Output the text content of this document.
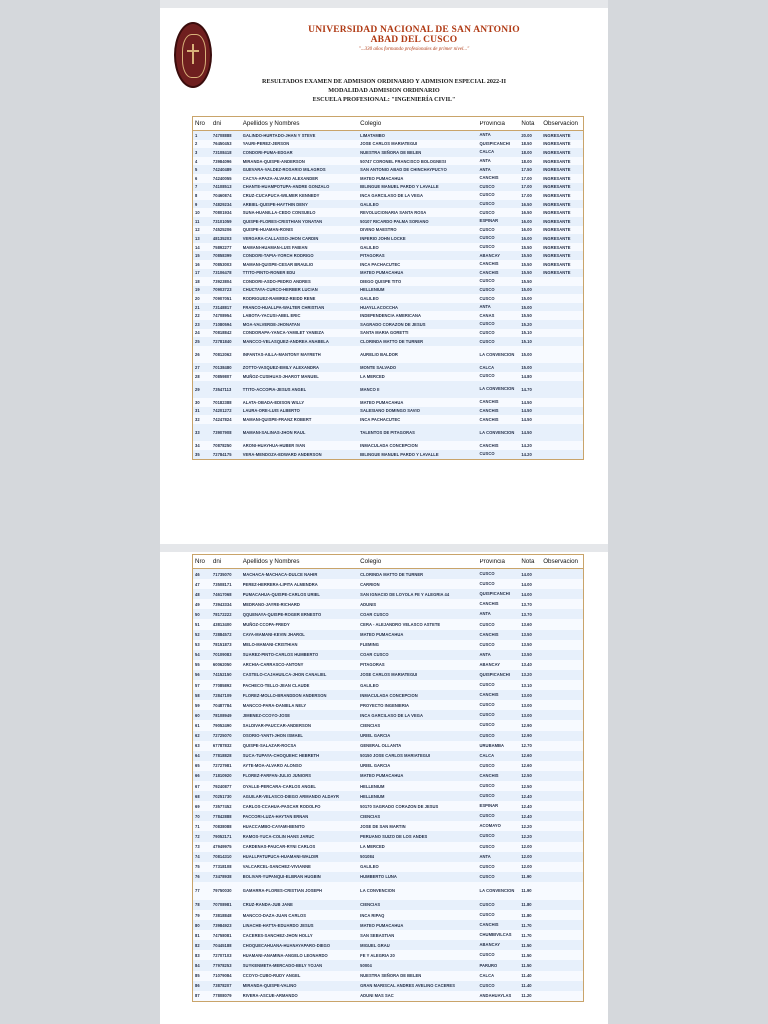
UNIVERSIDAD NACIONAL DE SAN ANTONIO
ABAD DEL CUSCO
"...330 años formando profesionales de primer nivel..."
RESULTADOS EXAMEN DE ADMISION ORDINARIO Y ADMISION ESPECIAL 2022-II
MODALIDAD ADMISION ORDINARIO
ESCUELA PROFESIONAL: "INGENIERÍA CIVIL"
Nro	dni	Apellidos y Nombres	Colegio	Provincia	Nota	Observacion
1	74708888	GALINDO-HURTADO-JHAN Y STEVE	LIMATAMBO	ANTA	20.00	INGRESANTE
2	76450453	YAURI-PEREZ-JERSON	JOSE CARLOS MARIATEGUI	QUISPICANCHI	18.50	INGRESANTE
3	73108418	CONDORI-PUMA-EDGAR	NUESTRA SEÑORA DE BELEN	CALCA	18.00	INGRESANTE
4	73984096	MIRANDA-QUISPE-ANDERSON	50747 CORONEL FRANCISCO BOLOGNESI	ANTA	18.00	INGRESANTE
5	74240489	GUEVARA-VALDEZ-ROSARIO MILAGROS	SAN ANTONIO ABAD DE CHINCHAYPUCYO	ANTA	17.50	INGRESANTE
6	74240055	CACYA-APAZA-ALVARO ALEXANDER	MATEO PUMACAHUA	CANCHIS	17.00	INGRESANTE
7	74108513	CHANTE-HUAMPOTUPA-ANDRE GONZALO	BILINGUE MANUEL PARDO Y LAVALLE	CUSCO	17.00	INGRESANTE
8	70460874	CRUZ-CUCAPUCA-WILMER KENNEDY	INCA GARCILASO DE LA VEGA	CUSCO	17.00	INGRESANTE
9	74829234	ARBIEL-QUISPE-HAYTHIN DENY	GALILEO	CUSCO	16.50	INGRESANTE
10	70801934	SUNA-HUANILLA-CEDO CONSUELO	REVOLUCIONARIA SANTA ROSA	CUSCO	16.50	INGRESANTE
11	73101059	QUISPE-FLORES-CRISTHIAN YONATAN	50107 RICARDO PALMA SORIANO	ESPINAR	16.00	INGRESANTE
12	74525206	QUISPE-HUAMAN-RONIS	DIVINO MAESTRO	CUSCO	16.00	INGRESANTE
13	48135203	VERGARA-CALLASSO-JHON CARDIN	INFERIO JOHN LOCKE	CUSCO	16.00	INGRESANTE
14	75892277	MAMANI-HUAMAN-LUIS FABIAN	GALILEO	CUSCO	15.50	INGRESANTE
15	70858399	CONDORI-TAPIA-YORCH RODRIGO	PITAGORAS	ABANCAY	15.50	INGRESANTE
16	70853003	MAMANI-QUISPE-CESAR BRAULIO	INCA PACHACUTEC	CANCHIS	15.50	INGRESANTE
17	73106478	TTITO-PINTO-RONER EDU	MATEO PUMACAHUA	CANCHIS	15.50	INGRESANTE
18	73923804	CONDORI-ASDO-PEDRO ANDRES	DIEGO QUISPE TITO	CUSCO	15.50
19	70903723	CHUCTAYA-CURCO-HERBER LUCIAN	HELLENIUM	CUSCO	15.00
20	70907051	RODRIGUEZ-RAMIREZ-REIDD RENE	GALILEO	CUSCO	15.00
21	73148817	FRANCO-HUALLPA-WALTER CHRISTIAN	HUAYLLACOCCHA	ANTA	15.00
22	74708954	LABOTA-YACUSI-ABEL ERIC	INDEPENDENCIA AMERICANA	CANAS	15.50
23	71080594	MOA-VALVERDE-JHONATAN	SAGRADO CORAZON DE JESUS	CUSCO	15.20
24	70818842	CONDORAPA-YANCA-YAMILET YANEIZA	SANTA MARIA GORETTI	CUSCO	15.10
25	72781840	MANCCO-VELASQUEZ-ANDREA ANABELA	CLORINDA MATTO DE TURNER	CUSCO	15.10
26	70812062	INFANTAS-AILLA-MANTONY MAYRETH	AURELIO BALDOR	LA CONVENCION	15.00
27	70138480	ZOTTO-VASQUEZ-EMILY ALEXANDRA	MONTE SALVADO	CALCA	15.00
28	70859807	MUÑOZ-CUSIHUAS-JHAROT MANUEL	LA MERCED	CUSCO	14.80
29	73547113	TTITO-ACCOPIA-JESUS ANGEL	MANCO II	LA CONVENCION	14.70
30	70182388	ALATA-OBADA-EDISON WILLY	MATEO PUMACAHUA	CANCHIS	14.50
31	74201272	LAURA-ORE-LUIS ALBERTO	SALESIANO DOMINGO SAVIO	CANCHIS	14.50
32	74247824	MAMANI-QUISPE-FRANZ ROBERT	INCA PACHACUTEC	CANCHIS	14.50
33	73907908	MAMANI-SALINAS-JHON RAUL	TALENTOS DE PITAGORAS	LA CONVENCION	14.50
34	70878250	ARONI-HUAYHUA-HUBER IVAN	INMACULADA CONCEPCION	CANCHIS	14.20
35	72784175	VERA-MENDOZA-EDWARD ANDERSON	BILINGUE MANUEL PARDO Y LAVALLE	CUSCO	14.20
Nro	dni	Apellidos y Nombres	Colegio	Provincia	Nota	Observacion
46	71735070	MACHACA-MACHACA-DULCE NAHIR	CLORINDA MATTO DE TURNER	CUSCO	14.00
47	73508171	PEREZ-HERRERA-LIPITA ALMENDRA	CARRION	CUSCO	14.00
48	74617068	PUMACAHUA-QUISPE-CARLOS URIEL	SAN IGNACIO DE LOYOLA FE Y ALEGRIA 44	QUISPICANCHI	14.00
49	73943334	MEDRANO-JAYRE-RICHARD	ADUNIS	CANCHIS	13.70
50	78172222	QQUENAYA-QUISPE-ROGER ERNESTO	COAR CUSCO	ANTA	13.70
51	43813400	MUÑOZ-CCOPA-FREDY	CERA - ALEJANDRO VELASCO ASTETE	CUSCO	13.60
52	72884572	CAYA-MAMANI-KEVIN JHAROL	MATEO PUMACAHUA	CANCHIS	13.50
53	78151873	MELO-MAMANI-CRISTHIAN	FLEMING	CUSCO	13.50
54	70109083	SUAREZ-PINTO-CARLOS HUMBERTO	COAR CUSCO	ANTA	13.50
55	60062050	ARCHIA-CARRASCO-ANTONY	PITAGORAS	ABANCAY	13.40
56	74152150	CASTELO-CAJAHUILCA-JHON CANALIEL	JOSE CARLOS MARIATEGUI	QUISPICANCHI	13.20
57	77085892	PACHECO-TELLO-JEAN CLAUDE	GALILEO	CUSCO	13.10
58	72847109	FLOREZ-MOLLO-BRANDDON ANDERSON	INMACULADA CONCEPCION	CANCHIS	13.00
59	70487784	MANCCO-PARA-DANIELA NELY	PROYECTO INGENIERIA	CUSCO	13.00
60	78108949	JIMENEZ-CCOYO-JOSE	INCA GARCILASO DE LA VEGA	CUSCO	13.00
61	79052490	SALDIVAR-PAUCCAR-ANDERSON	CIENCIAS	CUSCO	12.90
62	72725070	OSORIO-YANTI-JHON ISMAEL	URIEL GARCIA	CUSCO	12.90
63	67787832	QUISPE-SALAZAR-ROCSA	GENERAL OLLANTA	URUBAMBA	12.70
64	77818828	SUCA-TUPAYA-CHOQUEHC HEBRETH	50150 JOSE CARLOS MARIATEGUI	CALCA	12.60
65	72727981	AYTE-MOA-ALVARO ALONSO	URIEL GARCIA	CUSCO	12.60
66	71810920	FLOREZ-FARFAN-JULIO JUNIORS	MATEO PUMACAHUA	CANCHIS	12.50
67	79240877	OYALLE-PERCARA-CARLOS ANGEL	HELLENIUM	CUSCO	12.50
68	70251730	AGUILAR-VELASCO-DIEGO ARMANDO ALDAYR	HELLENIUM	CUSCO	12.40
69	73577452	CARLOS-CCAHUA-PASCAR RODOLFO	50170 SAGRADO CORAZON DE JESUS	ESPINAR	12.40
70	77842888	PACCORI-LUZA-HAYTAN ERNAN	CIENCIAS	CUSCO	12.40
71	70838088	HUACCAMBO-CAYAMI-BENITO	JOSE DE SAN MARTIN	ACOMAYO	12.20
72	79052171	RAMOS-YUCA-COLIN HANS JARUC	PERUANO SUIZO DE LOS ANDES	CUSCO	12.20
73	47949975	CARDENAS-PAUCAR-RYNI CARLOS	LA MERCED	CUSCO	12.00
74	70814310	HUALLPATUPUCA-HUAMANI-WALDIR	501084	ANTA	12.00
75	77318108	VALCARCEL-SANCHEZ-VIVIANNE	GALILEO	CUSCO	12.00
76	73478938	BOLIVAR-YUPANQUI-ELBRAN HUGBIN	HUMBERTO LUNA	CUSCO	11.90
77	79750030	GAMARRA-FLORES-CRISTIAN JOSEPH	LA CONVENCION	LA CONVENCION	11.90
78	70708981	CRUZ-RANDA-JUB JANE	CIENCIAS	CUSCO	11.80
79	73818848	MANCCO-DAZA-JUAN CARLOS	INCA RIPAQ	CUSCO	11.80
80	73984923	LINACHE-HATTA-EDUARDO JESUS	MATEO PUMACAHUA	CANCHIS	11.70
81	74758081	CACERES-SANCHEZ-JHON HOLLY	SAN SEBASTIAN	CHUMBIVILCAS	11.70
82	70445188	CHOQUECAHUANA-HUANAYAPARO-DIEGO	MIGUEL GRAU	ABANCAY	11.50
83	72707103	HUAMANI-ANAMINA-ANGELO LEONARDO	FE Y ALEGRIA 20	CUSCO	11.50
84	77978253	SUYKENMETA-MERCADO-BELY YOJAN	50004	PARURO	11.50
85	71079084	CCOYO-CUBO-RUDY ANGEL	NUESTRA SEÑORA DE BELEN	CALCA	11.40
86	73878207	MIRANDA-QUISPE-VALINO	GRAN MARISCAL ANDRES AVELINO CACERES	CUSCO	11.40
87	77808079	RIVERA-ASCUE-ARMANDO	ADUNI MAS SAC	ANDAHUAYLAS	11.20
